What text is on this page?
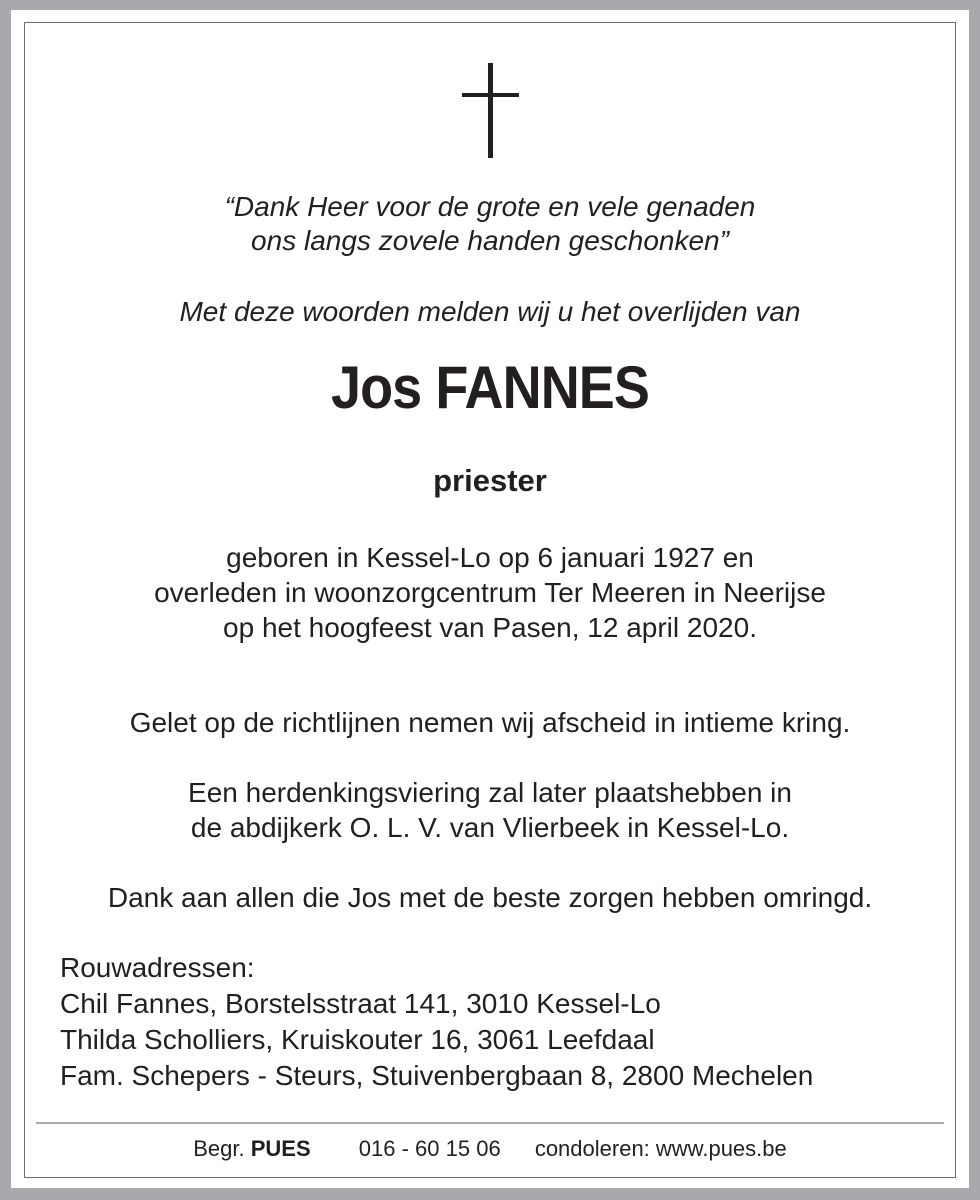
“Dank Heer voor de grote en vele genaden
ons langs zovele handen geschonken”
Met deze woorden melden wij u het overlijden van
Jos FANNES
priester
geboren in Kessel-Lo op 6 januari 1927 en
overleden in woonzorgcentrum Ter Meeren in Neerijse
op het hoogfeest van Pasen, 12 april 2020.
Gelet op de richtlijnen nemen wij afscheid in intieme kring.
Een herdenkingsviering zal later plaatshebben in
de abdijkerk O. L. V. van Vlierbeek in Kessel-Lo.
Dank aan allen die Jos met de beste zorgen hebben omringd.
Rouwadressen:
Chil Fannes, Borstelsstraat 141, 3010 Kessel-Lo
Thilda Scholliers, Kruiskouter 16, 3061 Leefdaal
Fam. Schepers - Steurs, Stuivenbergbaan 8, 2800 Mechelen
Begr. PUES 016 - 60 15 06 condoleren: www.pues.be
